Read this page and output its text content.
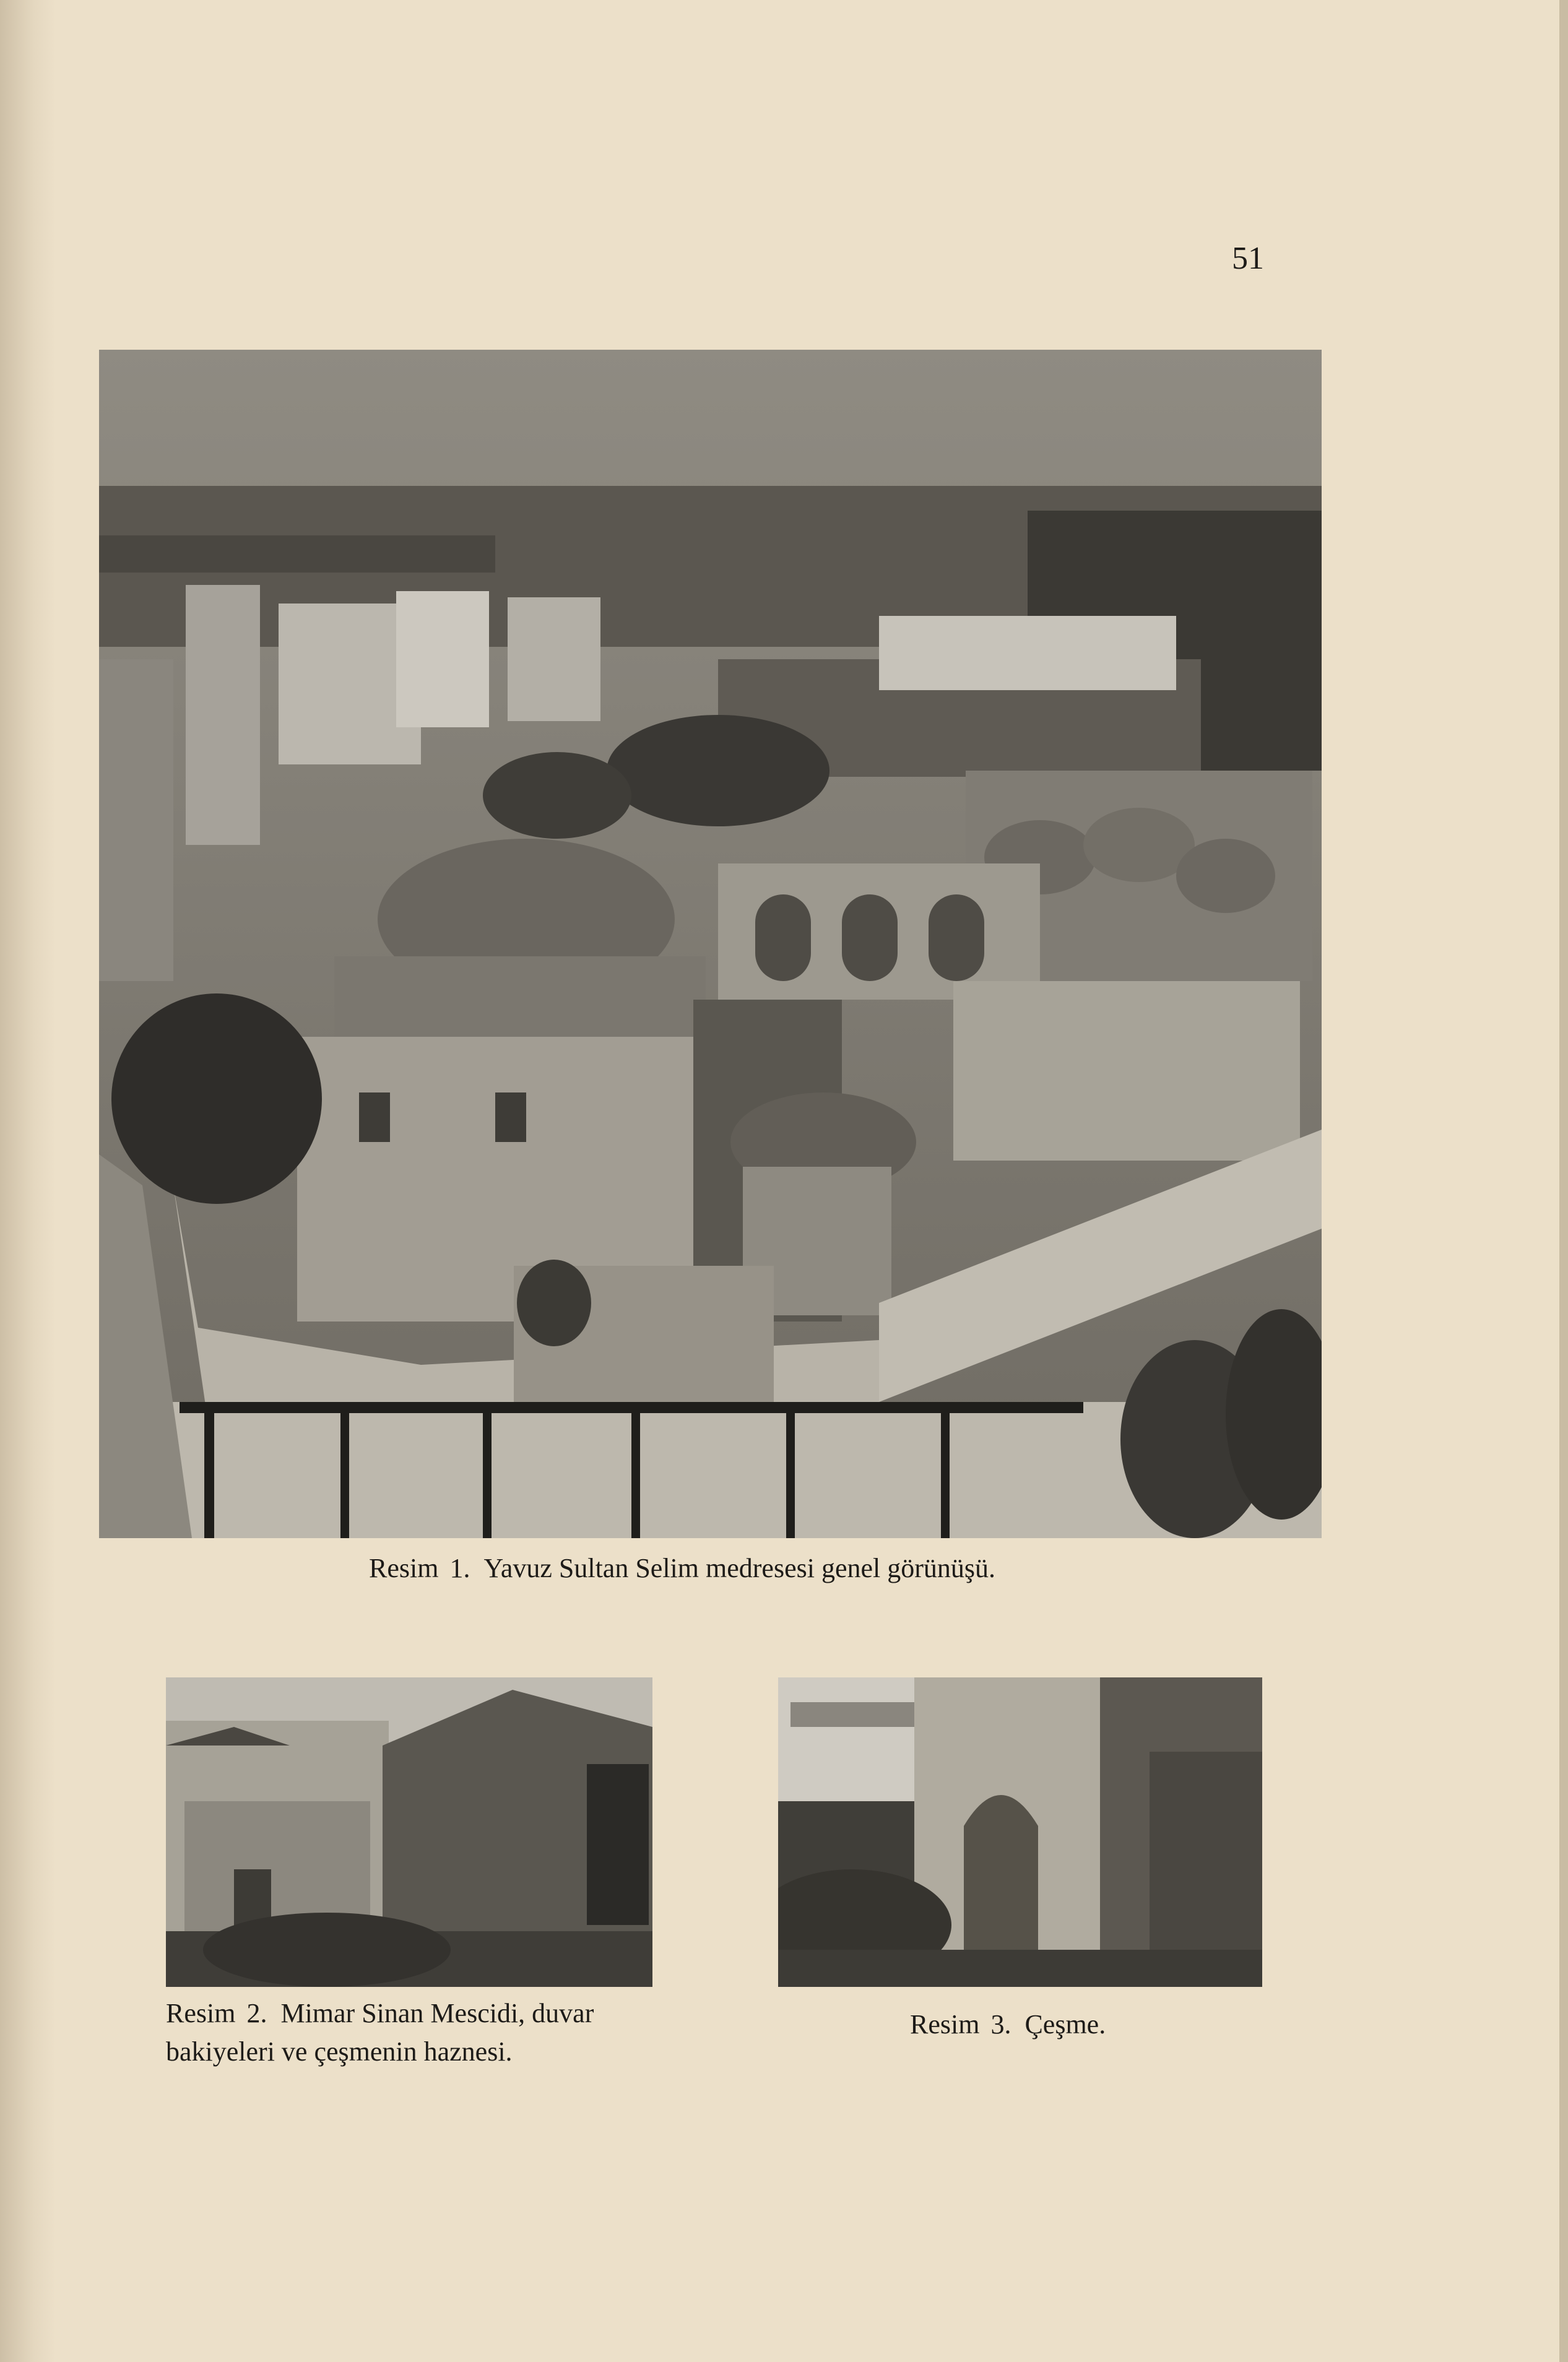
51
Resim 1. Yavuz Sultan Selim medresesi genel görünüşü.
Resim 2. Mimar Sinan Mescidi, duvar
bakiyeleri ve çeşmenin haznesi.
Resim 3. Çeşme.
